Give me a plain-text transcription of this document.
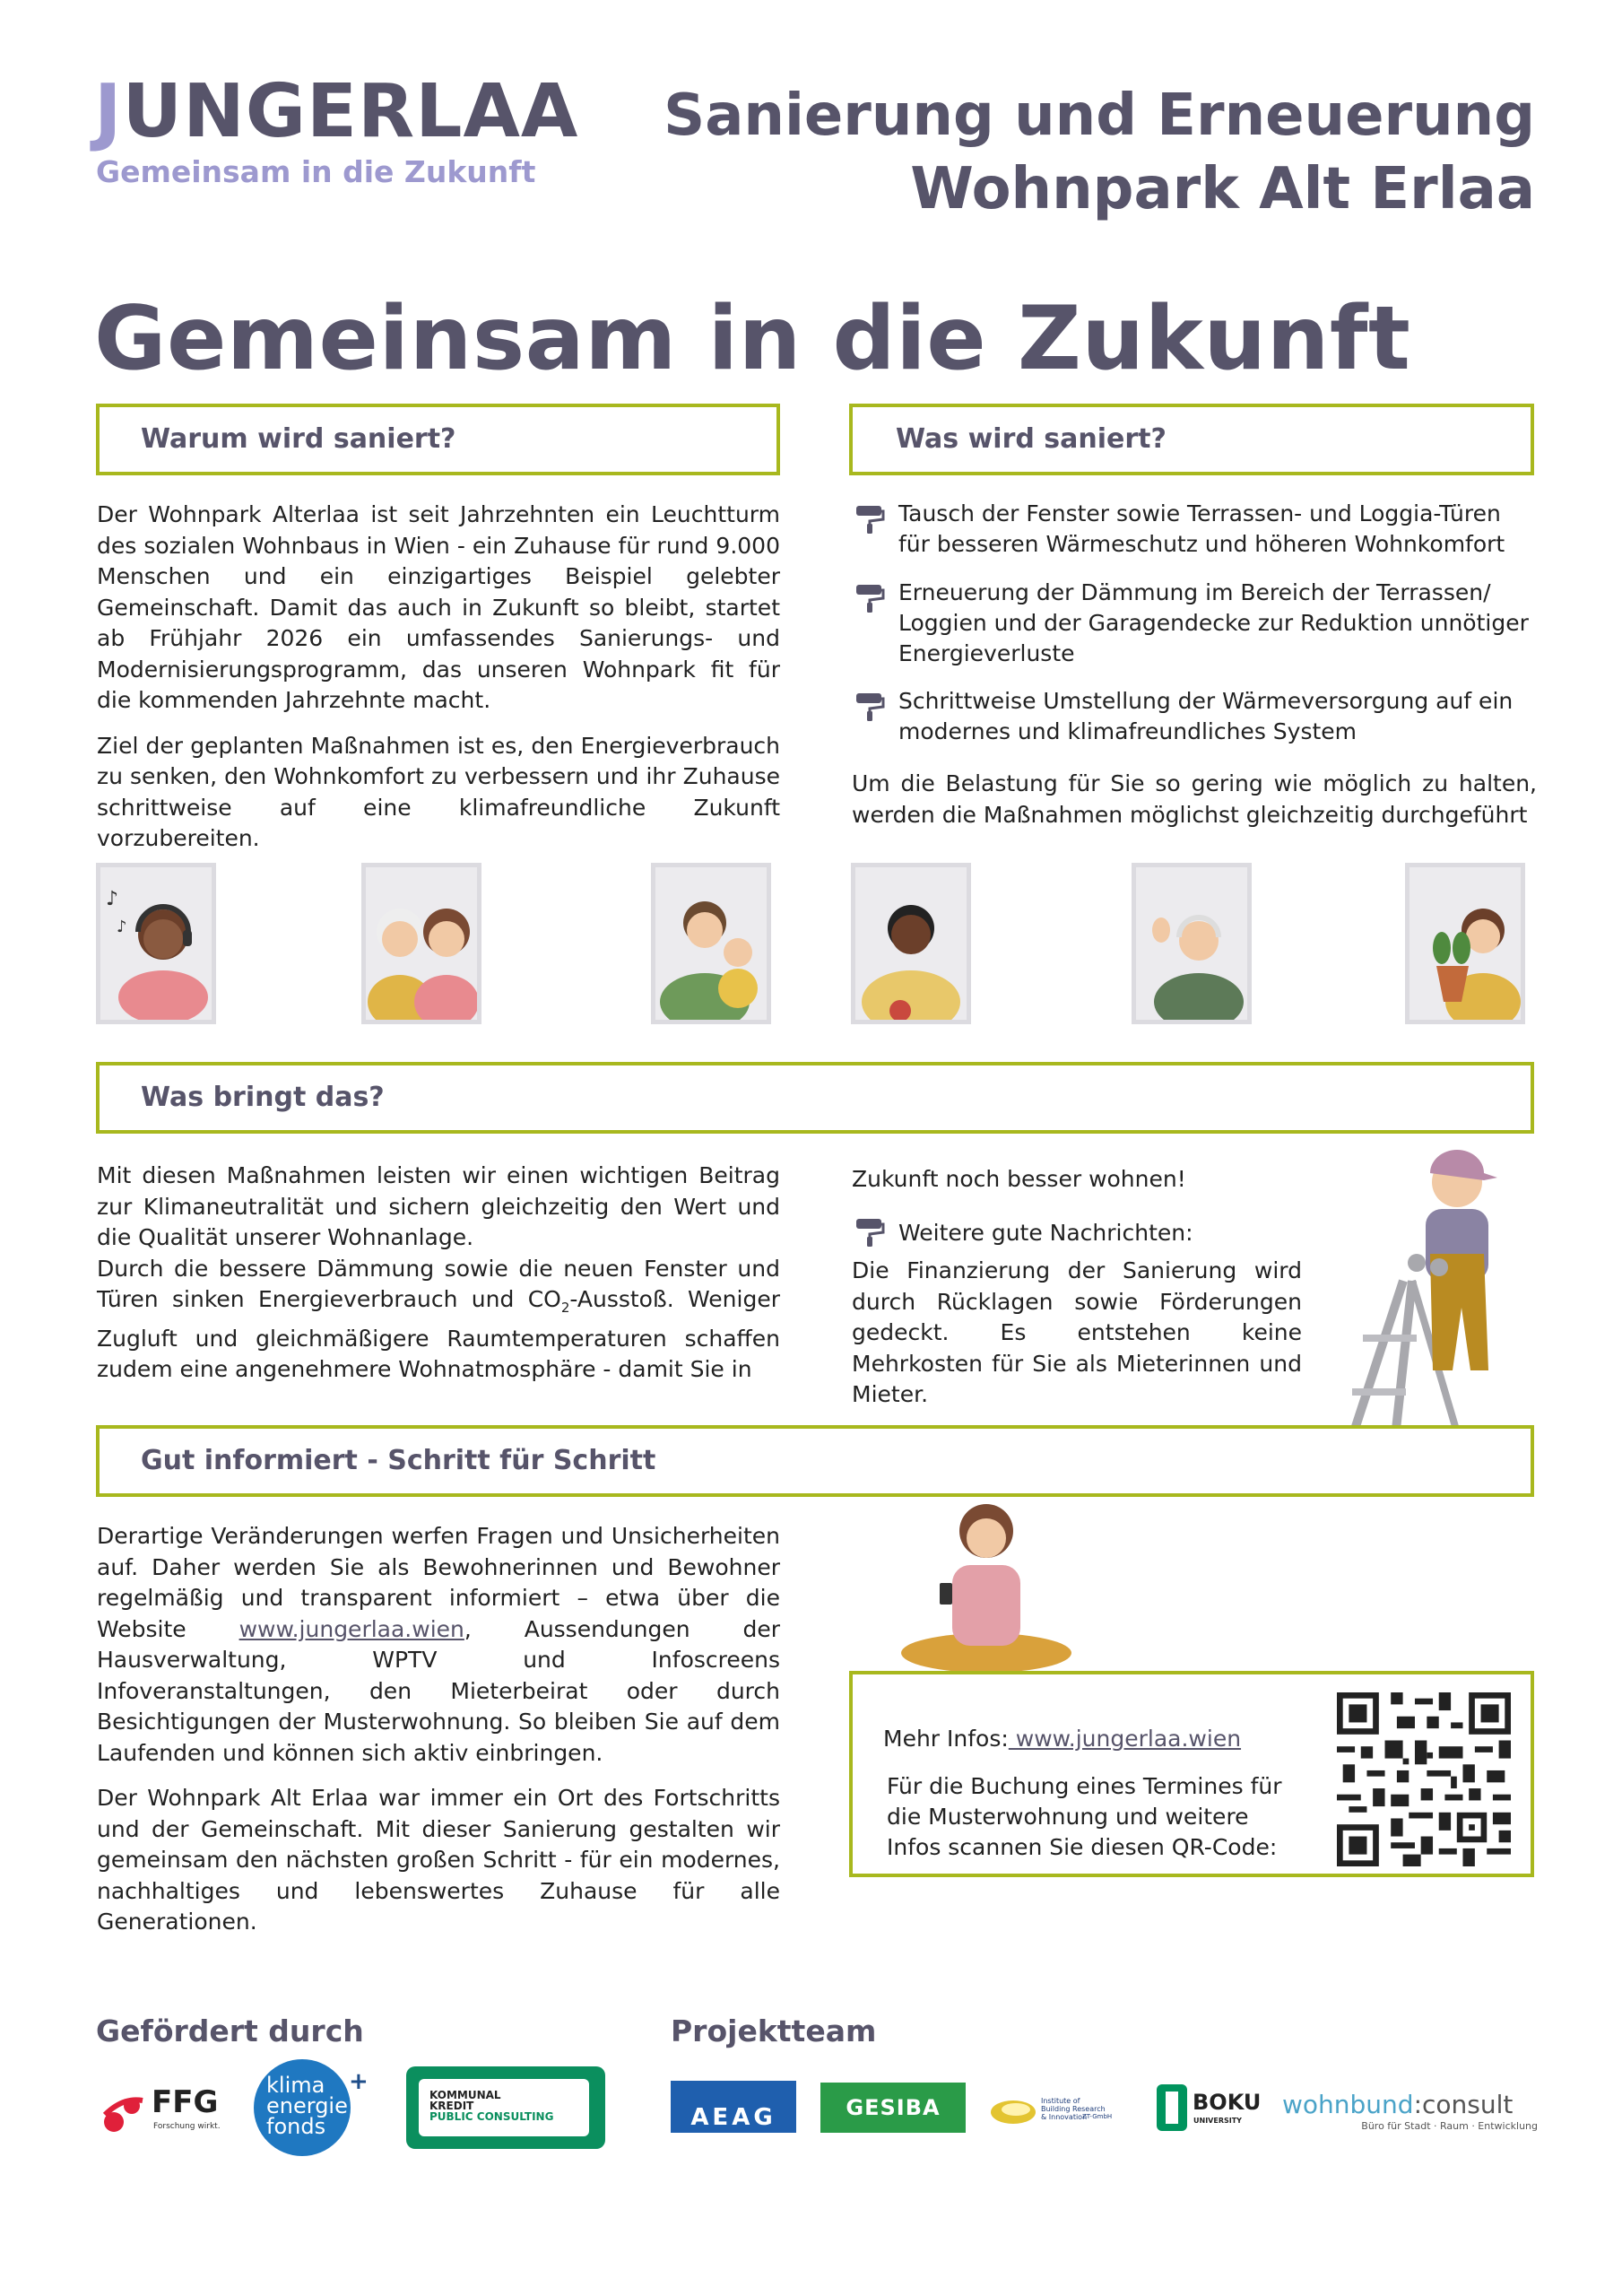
JUNGERLAA
Gemeinsam in die Zukunft
Sanierung und Erneuerung
Wohnpark Alt Erlaa
Gemeinsam in die Zukunft
Warum wird saniert?

Der Wohnpark Alterlaa ist seit Jahrzehnten ein Leuchtturm des sozialen Wohnbaus in Wien - ein Zuhause für rund 9.000 Menschen und ein einzigartiges Beispiel gelebter Gemeinschaft. Damit das auch in Zukunft so bleibt, startet ab Frühjahr 2026 ein umfassendes Sanierungs- und Modernisierungsprogramm, das unseren Wohnpark fit für die kommenden Jahrzehnte macht.

Ziel der geplanten Maßnahmen ist es, den Energieverbrauch zu senken, den Wohnkomfort zu verbessern und ihr Zuhause schrittweise auf eine klimafreundliche Zukunft vorzubereiten.

Was wird saniert?
Tausch der Fenster sowie Terrassen- und Loggia-Türen für besseren Wärmeschutz und höheren Wohnkomfort
Erneuerung der Dämmung im Bereich der Terrassen/ Loggien und der Garagendecke zur Reduktion unnötiger Energieverluste
Schrittweise Umstellung der Wärmeversorgung auf ein modernes und klimafreundliches System
Um die Belastung für Sie so gering wie möglich zu halten, werden die Maßnahmen möglichst gleichzeitig durchgeführt
♪
♪
Was bringt das?
Mit diesen Maßnahmen leisten wir einen wichtigen Beitrag zur Klimaneutralität und sichern gleichzeitig den Wert und die Qualität unserer Wohnanlage.
Durch die bessere Dämmung sowie die neuen Fenster und Türen sinken Energieverbrauch und $CO_2$-Ausstoß. Weniger Zugluft und gleichmäßigere Raumtemperaturen schaffen zudem eine angenehmere Wohnatmosphäre - damit Sie in
Zukunft noch besser wohnen!
Weitere gute Nachrichten:
Die Finanzierung der Sanierung wird durch Rücklagen sowie Förderungen gedeckt. Es entstehen keine Mehrkosten für Sie als Mieterinnen und Mieter.
Gut informiert - Schritt für Schritt

Derartige Veränderungen werfen Fragen und Unsicherheiten auf. Daher werden Sie als Bewohnerinnen und Bewohner regelmäßig und transparent informiert – etwa über die Website www.jungerlaa.wien, Aussendungen der Hausverwaltung, WPTV und Infoscreens Infoveranstaltungen, den Mieterbeirat oder durch Besichtigungen der Musterwohnung. So bleiben Sie auf dem Laufenden und können sich aktiv einbringen.

Der Wohnpark Alt Erlaa war immer ein Ort des Fortschritts und der Gemeinschaft. Mit dieser Sanierung gestalten wir gemeinsam den nächsten großen Schritt - für ein modernes, nachhaltiges und lebenswertes Zuhause für alle Generationen.

Mehr Infos: www.jungerlaa.wien
Für die Buchung eines Termines für die Musterwohnung und weitere Infos scannen Sie diesen QR-Code:
Gefördert durch	Projektteam
FFG
Forschung wirkt.
klima
energie
fonds
+	KOMMUNAL
KREDIT
PUBLIC CONSULTING	AEAG	GESIBA	Institute of
Building Research
& Innovation
ZT-GmbH
BOKU
UNIVERSITY
wohnbund:consult
Büro für Stadt · Raum · Entwicklung
